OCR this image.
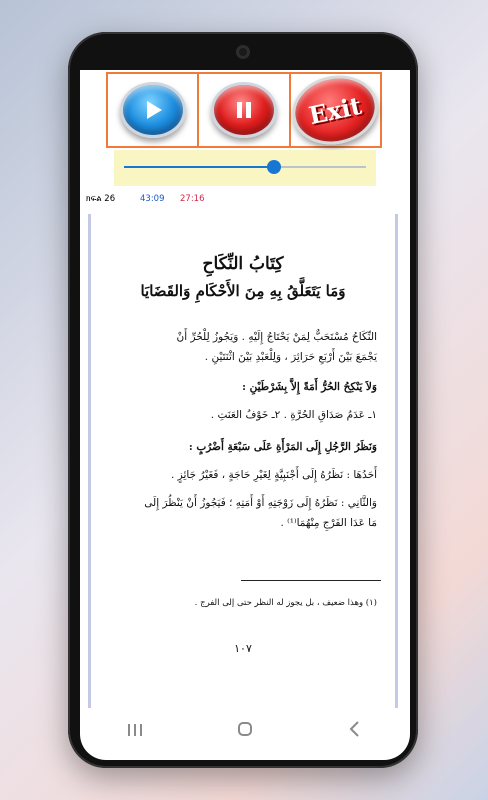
Exit
ክፍል 26	43:09 27:16
كِتَابُ النِّكَاحِ
وَمَا يَتَعَلَّقُ بِهِ مِنَ الأَحْكَامِ وَالقَضَايَا
النِّكَاحُ مُسْتَحَبٌّ لِمَنْ يَحْتَاجُ إِلَيْهِ . وَيَجُوزُ لِلْحُرِّ أَنْ
يَجْمَعَ بَيْنَ أَرْبَعِ حَرَائِرَ ، وَلِلْعَبْدِ بَيْنَ اثْنَتَيْنِ .
وَلاَ يَنْكِحُ الحُرُّ أَمَةً إِلاَّ بِشَرْطَيْنِ :
١ـ عَدَمُ صَدَاقِ الحُرَّةِ . ٢ـ خَوْفُ العَنَتِ .
وَنَظَرُ الرَّجُلِ إِلَى المَرْأَةِ عَلَى سَبْعَةِ أَضْرُبٍ :
أَحَدُهَا : نَظَرُهُ إِلَى أَجْنَبِيَّةٍ لِغَيْرِ حَاجَةٍ ، فَغَيْرُ جَائِزٍ .
وَالثَّانِي : نَظَرُهُ إِلَى زَوْجَتِهِ أَوْ أَمَتِهِ ؛ فَيَجُوزُ أَنْ يَنْظُرَ إِلَى
مَا عَدَا الفَرْجِ مِنْهُمَا⁽¹⁾ .
(١) وهذا ضعيف ، بل يجوز له النظر حتى إلى الفرج .
١٠٧
